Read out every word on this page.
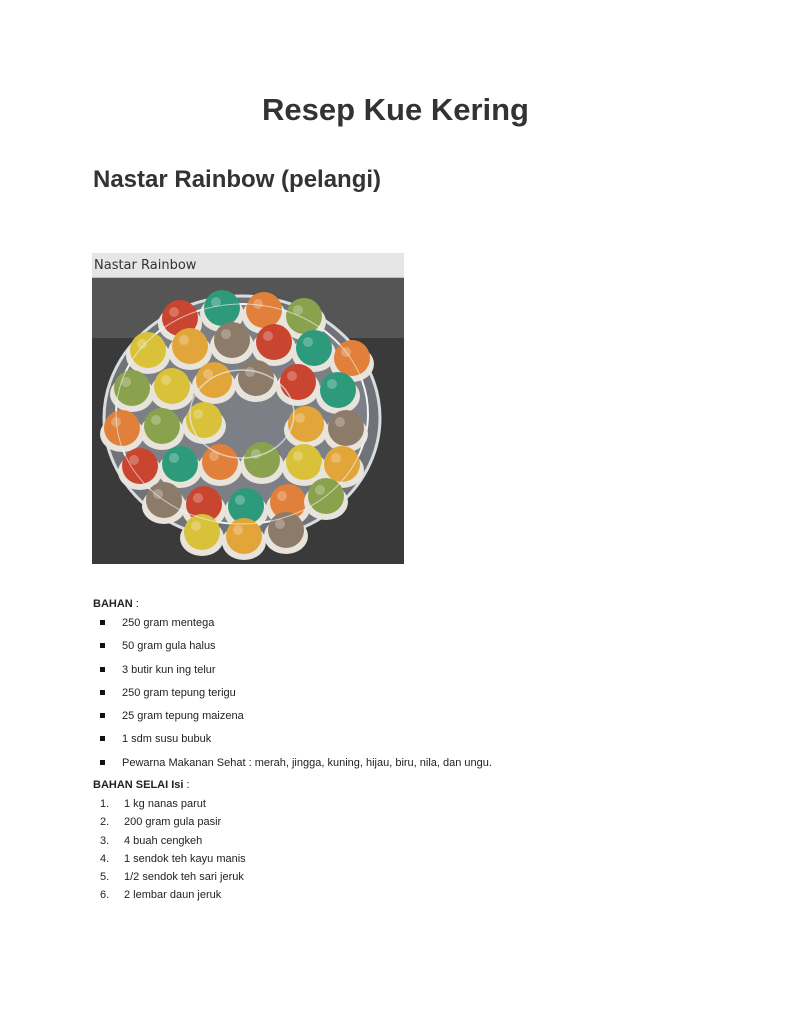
Resep Kue Kering
Nastar Rainbow (pelangi)
Nastar Rainbow

BAHAN :

250 gram mentega
50 gram gula halus
3 butir kun ing telur
250 gram tepung terigu
25 gram tepung maizena
1 sdm susu bubuk
Pewarna Makanan Sehat : merah, jingga, kuning, hijau, biru, nila, dan ungu.

BAHAN SELAI Isi :

1. 1 kg nanas parut
2. 200 gram gula pasir
3. 4 buah cengkeh
4. 1 sendok teh kayu manis
5. 1/2 sendok teh sari jeruk
6. 2 lembar daun jeruk
